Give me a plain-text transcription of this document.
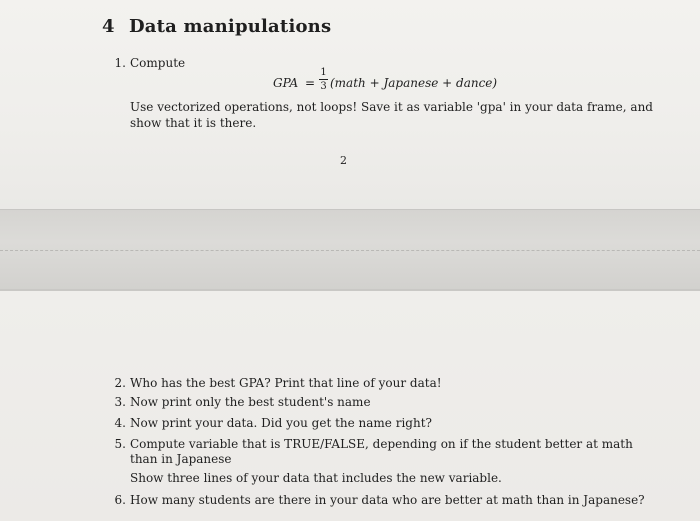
4 Data manipulations
1. Compute
GPA =
1
3 (math + Japanese + dance)
Use vectorized operations, not loops! Save it as variable 'gpa' in your data frame, and
show that it is there.
2
2. Who has the best GPA? Print that line of your data!
3. Now print only the best student's name
4. Now print your data. Did you get the name right?
5. Compute variable that is TRUE/FALSE, depending on if the student better at math
than in Japanese
Show three lines of your data that includes the new variable.
6. How many students are there in your data who are better at math than in Japanese?
